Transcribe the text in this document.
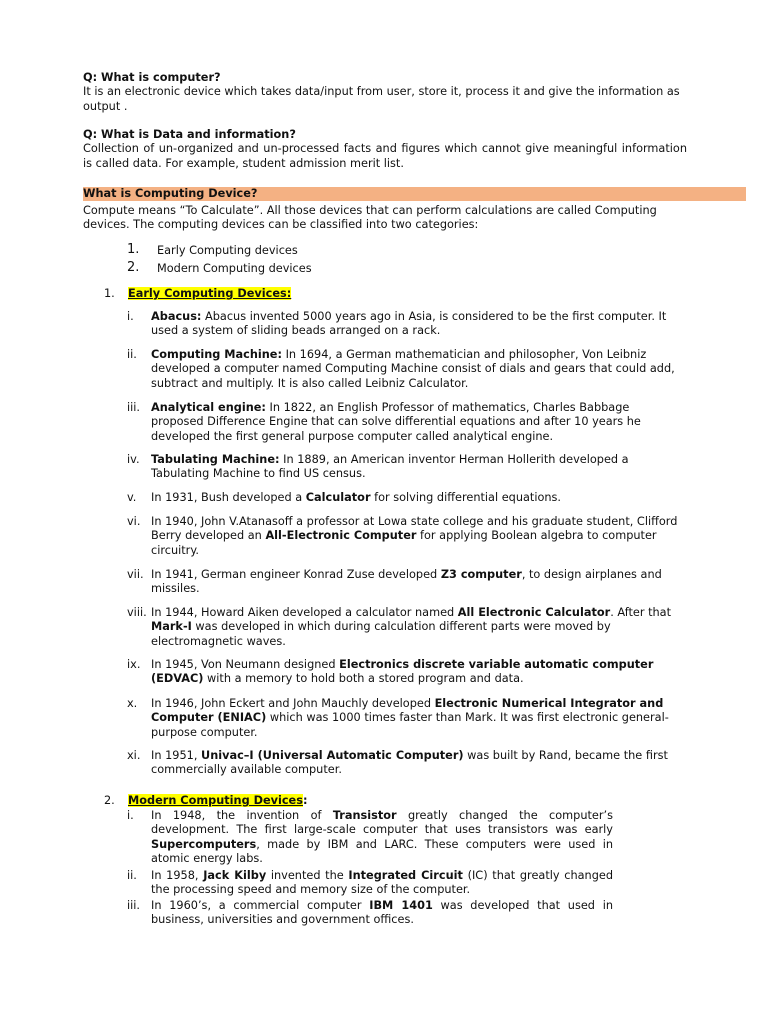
Q: What is computer?

It is an electronic device which takes data/input from user, store it, process it and give the information as output .

Q: What is Data and information?

Collection of un-organized and un-processed facts and figures which cannot give meaningful information is called data. For example, student admission merit list.

What is Computing Device?

Compute means “To Calculate”. All those devices that can perform calculations are called Computing devices. The computing devices can be classified into two categories:

1. Early Computing devices
2. Modern Computing devices
1. Early Computing Devices:
i.	Abacus: Abacus invented 5000 years ago in Asia, is considered to be the first computer. It used a system of sliding beads arranged on a rack.

ii.	Computing Machine: In 1694, a German mathematician and philosopher, Von Leibniz developed a computer named Computing Machine consist of dials and gears that could add, subtract and multiply. It is also called Leibniz Calculator.

iii. Analytical engine: In 1822, an English Professor of mathematics, Charles Babbage proposed Difference Engine that can solve differential equations and after 10 years he developed the first general purpose computer called analytical engine.

iv.	Tabulating Machine: In 1889, an American inventor Herman Hollerith developed a Tabulating Machine to find US census.

v.	In 1931, Bush developed a Calculator for solving differential equations.

vi. In 1940, John V.Atanasoff a professor at Lowa state college and his graduate student, Clifford Berry developed an All-Electronic Computer for applying Boolean algebra to computer circuitry.

vii. In 1941, German engineer Konrad Zuse developed Z3 computer, to design airplanes and missiles.

viii. In 1944, Howard Aiken developed a calculator named All Electronic Calculator. After that Mark-I was developed in which during calculation different parts were moved by electromagnetic waves.

ix. In 1945, Von Neumann designed Electronics discrete variable automatic computer (EDVAC) with a memory to hold both a stored program and data.

x.	In 1946, John Eckert and John Mauchly developed Electronic Numerical Integrator and Computer (ENIAC) which was 1000 times faster than Mark. It was first electronic general-purpose computer.

xi. In 1951, Univac–I (Universal Automatic Computer) was built by Rand, became the first commercially available computer.

2. Modern Computing Devices:
i.	In 1948, the invention of Transistor greatly changed the computer’s development. The first large-scale computer that uses transistors was early Supercomputers, made by IBM and LARC. These computers were used in atomic energy labs.

ii.	In 1958, Jack Kilby invented the Integrated Circuit (IC) that greatly changed the processing speed and memory size of the computer.

iii. In 1960’s, a commercial computer IBM 1401 was developed that used in business, universities and government offices.
